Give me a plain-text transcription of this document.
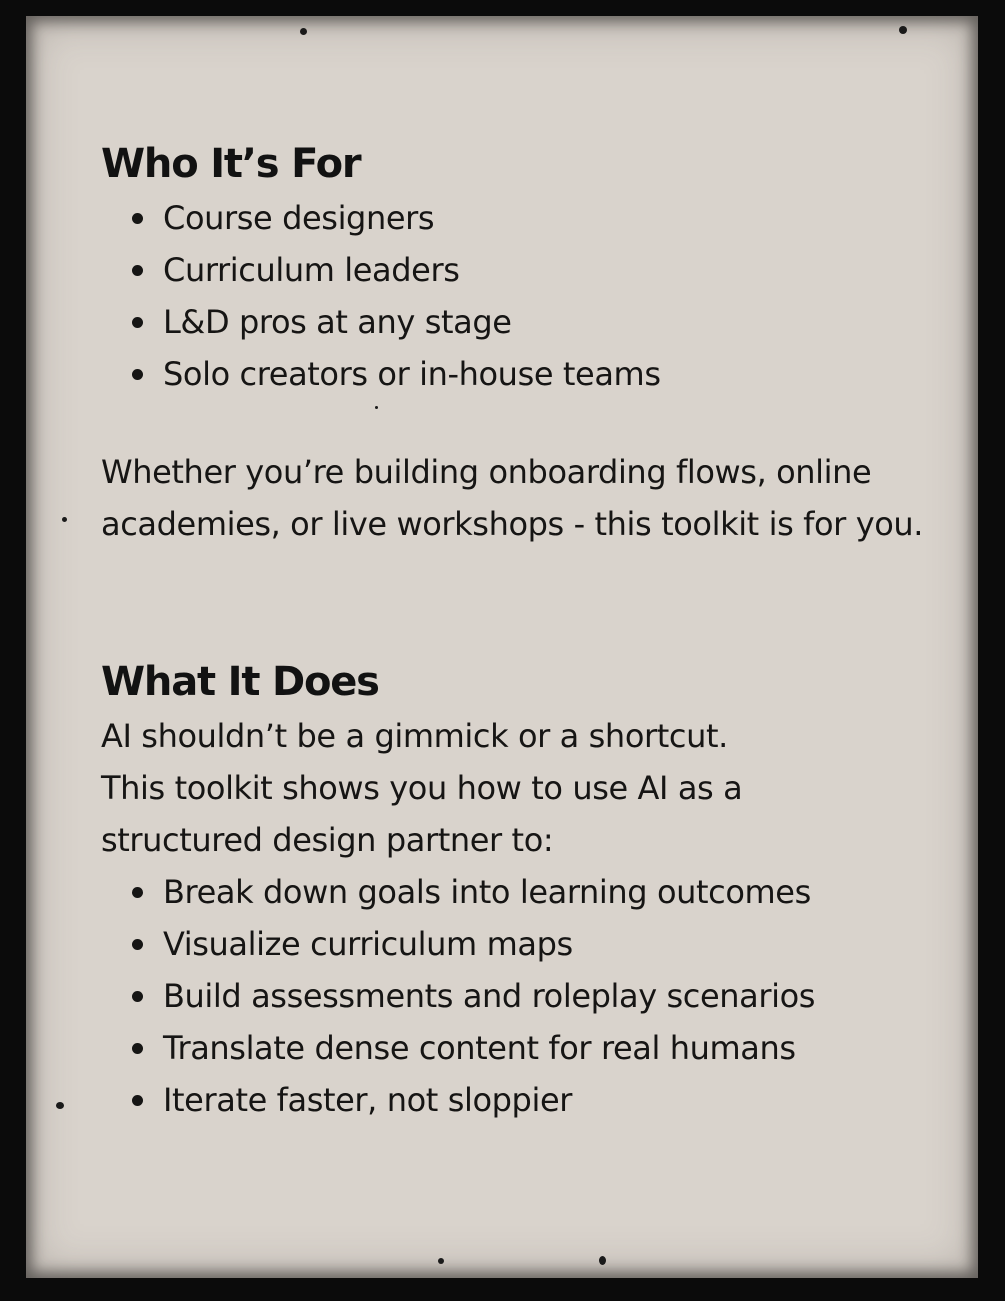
Who It’s For
Course designers
Curriculum leaders
L&D pros at any stage
Solo creators or in-house teams

Whether you’re building onboarding flows, online academies, or live workshops - this toolkit is for you.

What It Does

AI shouldn’t be a gimmick or a shortcut.

This toolkit shows you how to use AI as a structured design partner to:

Break down goals into learning outcomes
Visualize curriculum maps
Build assessments and roleplay scenarios
Translate dense content for real humans
Iterate faster, not sloppier
